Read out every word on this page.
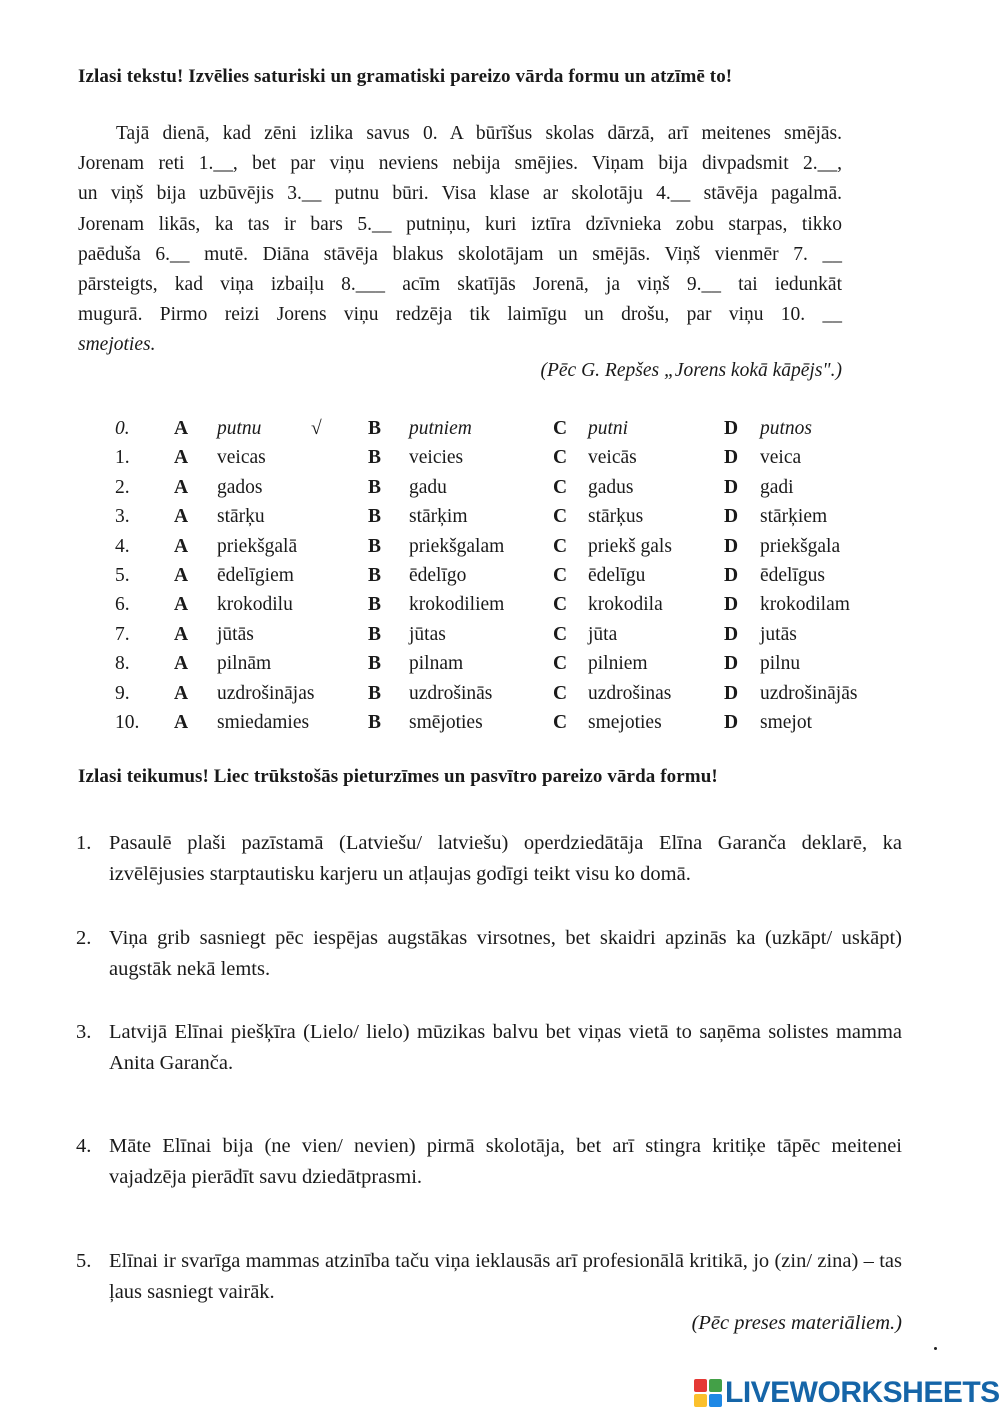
Izlasi tekstu! Izvēlies saturiski un gramatiski pareizo vārda formu un atzīmē to!
Tajā dienā, kad zēni izlika savus 0. A būrīšus skolas dārzā, arī meitenes smējās.
Jorenam reti 1.__, bet par viņu neviens nebija smējies. Viņam bija divpadsmit 2.__,
un viņš bija uzbūvējis 3.__ putnu būri. Visa klase ar skolotāju 4.__ stāvēja pagalmā.
Jorenam likās, ka tas ir bars 5.__ putniņu, kuri iztīra dzīvnieka zobu starpas, tikko
paēduša 6.__ mutē. Diāna stāvēja blakus skolotājam un smējās. Viņš vienmēr 7. __
pārsteigts, kad viņa izbaiļu 8.___ acīm skatījās Jorenā, ja viņš 9.__ tai iedunkāt
mugurā. Pirmo reizi Jorens viņu redzēja tik laimīgu un drošu, par viņu 10. __
smejoties.
(Pēc G. Repšes „Jorens kokā kāpējs".)
0.	A putnu	B putniem	C putni	D putnos
√
1.	A veicas	B veicies	C veicās	D veica
2.	A gados	B gadu	C gadus	D gadi
3.	A stārķu	B stārķim	C stārķus	D stārķiem
4.	A priekšgalā	B priekšgalam C priekš gals	D priekšgala
5.	A ēdelīgiem	B ēdelīgo	C ēdelīgu	D ēdelīgus
6.	A krokodilu	B krokodiliem C krokodila	D krokodilam
7.	A jūtās	B jūtas	C jūta	D jutās
8.	A pilnām	B pilnam	C pilniem	D pilnu
9.	A uzdrošinājas	B uzdrošinās	C uzdrošinas	D uzdrošinājās
10.	A smiedamies	B smējoties	C smejoties	D smejot
Izlasi teikumus! Liec trūkstošās pieturzīmes un pasvītro pareizo vārda formu!
1. Pasaulē plaši pazīstamā (Latviešu/ latviešu) operdziedātāja Elīna Garanča deklarē, ka izvēlējusies starptautisku karjeru un atļaujas godīgi teikt visu ko domā.
2. Viņa grib sasniegt pēc iespējas augstākas virsotnes, bet skaidri apzinās ka (uzkāpt/ uskāpt) augstāk nekā lemts.
3. Latvijā Elīnai piešķīra (Lielo/ lielo) mūzikas balvu bet viņas vietā to saņēma solistes mamma Anita Garanča.
4. Māte Elīnai bija (ne vien/ nevien) pirmā skolotāja, bet arī stingra kritiķe tāpēc meitenei vajadzēja pierādīt savu dziedātprasmi.
5. Elīnai ir svarīga mammas atzinība taču viņa ieklausās arī profesionālā kritikā, jo (zin/ zina) – tas ļaus sasniegt vairāk.
(Pēc preses materiāliem.)
LIVEWORKSHEETS
